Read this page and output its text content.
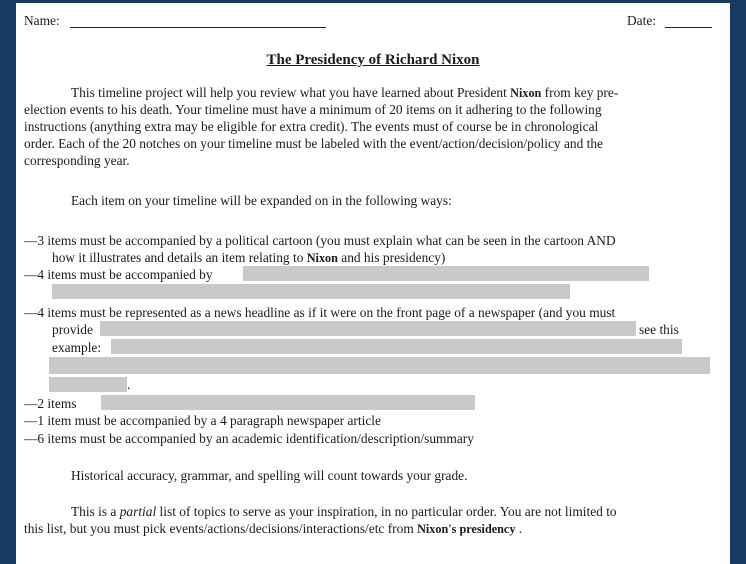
Name:	Date:
The Presidency of Richard Nixon
This timeline project will help you review what you have learned about President Nixon from key pre-
election events to his death. Your timeline must have a minimum of 20 items on it adhering to the following
instructions (anything extra may be eligible for extra credit). The events must of course be in chronological
order. Each of the 20 notches on your timeline must be labeled with the event/action/decision/policy and the
corresponding year.
Each item on your timeline will be expanded on in the following ways:
—3 items must be accompanied by a political cartoon (you must explain what can be seen in the cartoon AND
how it illustrates and details an item relating to Nixon and his presidency)
—4 items must be accompanied by
—4 items must be represented as a news headline as if it were on the front page of a newspaper (and you must
provide	see this
example:
.
—2 items
—1 item must be accompanied by a 4 paragraph newspaper article
—6 items must be accompanied by an academic identification/description/summary
Historical accuracy, grammar, and spelling will count towards your grade.
This is a partial list of topics to serve as your inspiration, in no particular order. You are not limited to
this list, but you must pick events/actions/decisions/interactions/etc from Nixon's presidency .
